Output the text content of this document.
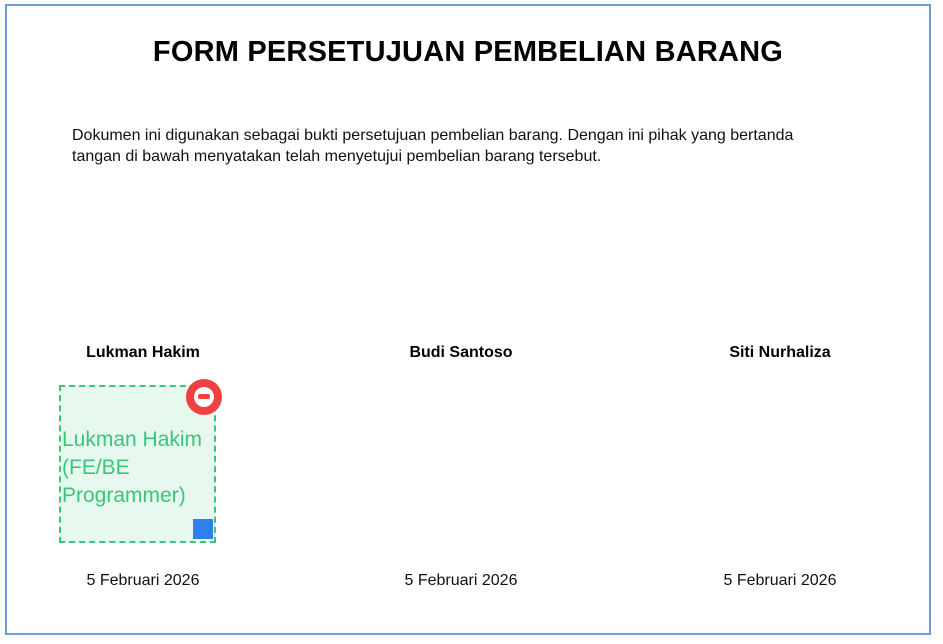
FORM PERSETUJUAN PEMBELIAN BARANG

Dokumen ini digunakan sebagai bukti persetujuan pembelian barang. Dengan ini pihak yang bertanda tangan di bawah menyatakan telah menyetujui pembelian barang tersebut.

Lukman Hakim	Budi Santoso	Siti Nurhaliza
Lukman Hakim (FE/BE Programmer)
5 Februari 2026	5 Februari 2026	5 Februari 2026
